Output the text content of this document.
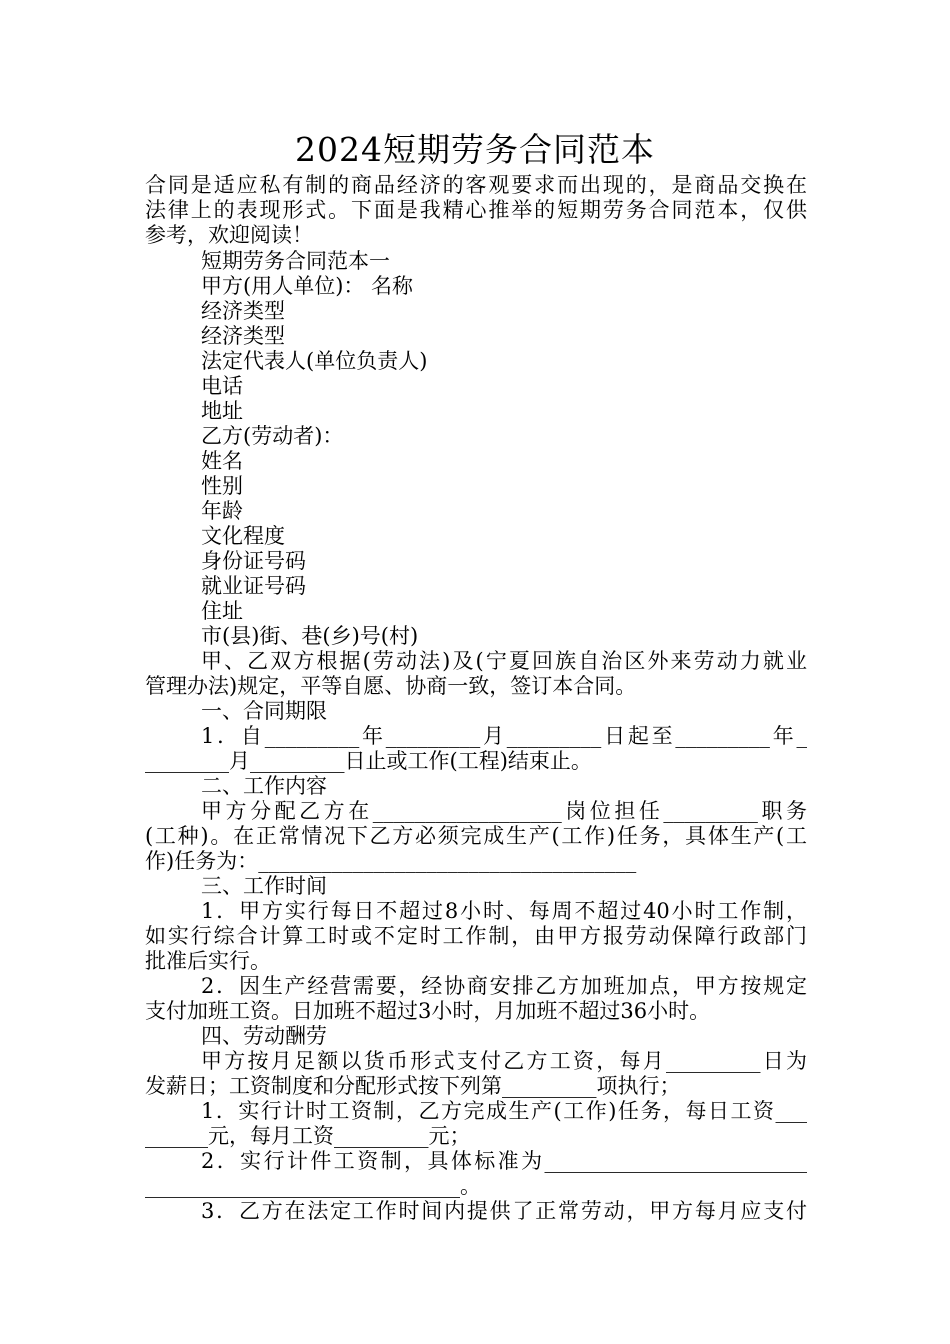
2024短期劳务合同范本
合同是适应私有制的商品经济的客观要求而出现的，是商品交换在
法律上的表现形式。下面是我精心推举的短期劳务合同范本，仅供
参考，欢迎阅读！
短期劳务合同范本一
甲方(用人单位)： 名称
经济类型
经济类型
法定代表人(单位负责人)
电话
地址
乙方(劳动者)：
姓名
性别
年龄
文化程度
身份证号码
就业证号码
住址
市(县)街、巷(乡)号(村)
甲、乙双方根据(劳动法)及(宁夏回族自治区外来劳动力就业
管理办法)规定，平等自愿、协商一致，签订本合同。
一、合同期限
1．自_________年_________月_________日起至_________年_
________月_________日止或工作(工程)结束止。
二、工作内容
甲方分配乙方在__________________岗位担任_________职务
(工种)。在正常情况下乙方必须完成生产(工作)任务，具体生产(工
作)任务为：____________________________________
三、工作时间
1．甲方实行每日不超过8小时、每周不超过40小时工作制，
如实行综合计算工时或不定时工作制，由甲方报劳动保障行政部门
批准后实行。
2．因生产经营需要，经协商安排乙方加班加点，甲方按规定
支付加班工资。日加班不超过3小时，月加班不超过36小时。
四、劳动酬劳
甲方按月足额以货币形式支付乙方工资，每月_________日为
发薪日；工资制度和分配形式按下列第_________项执行；
1．实行计时工资制，乙方完成生产(工作)任务，每日工资___
______元，每月工资_________元；
2．实行计件工资制，具体标准为_________________________
______________________________。
3．乙方在法定工作时间内提供了正常劳动，甲方每月应支付
